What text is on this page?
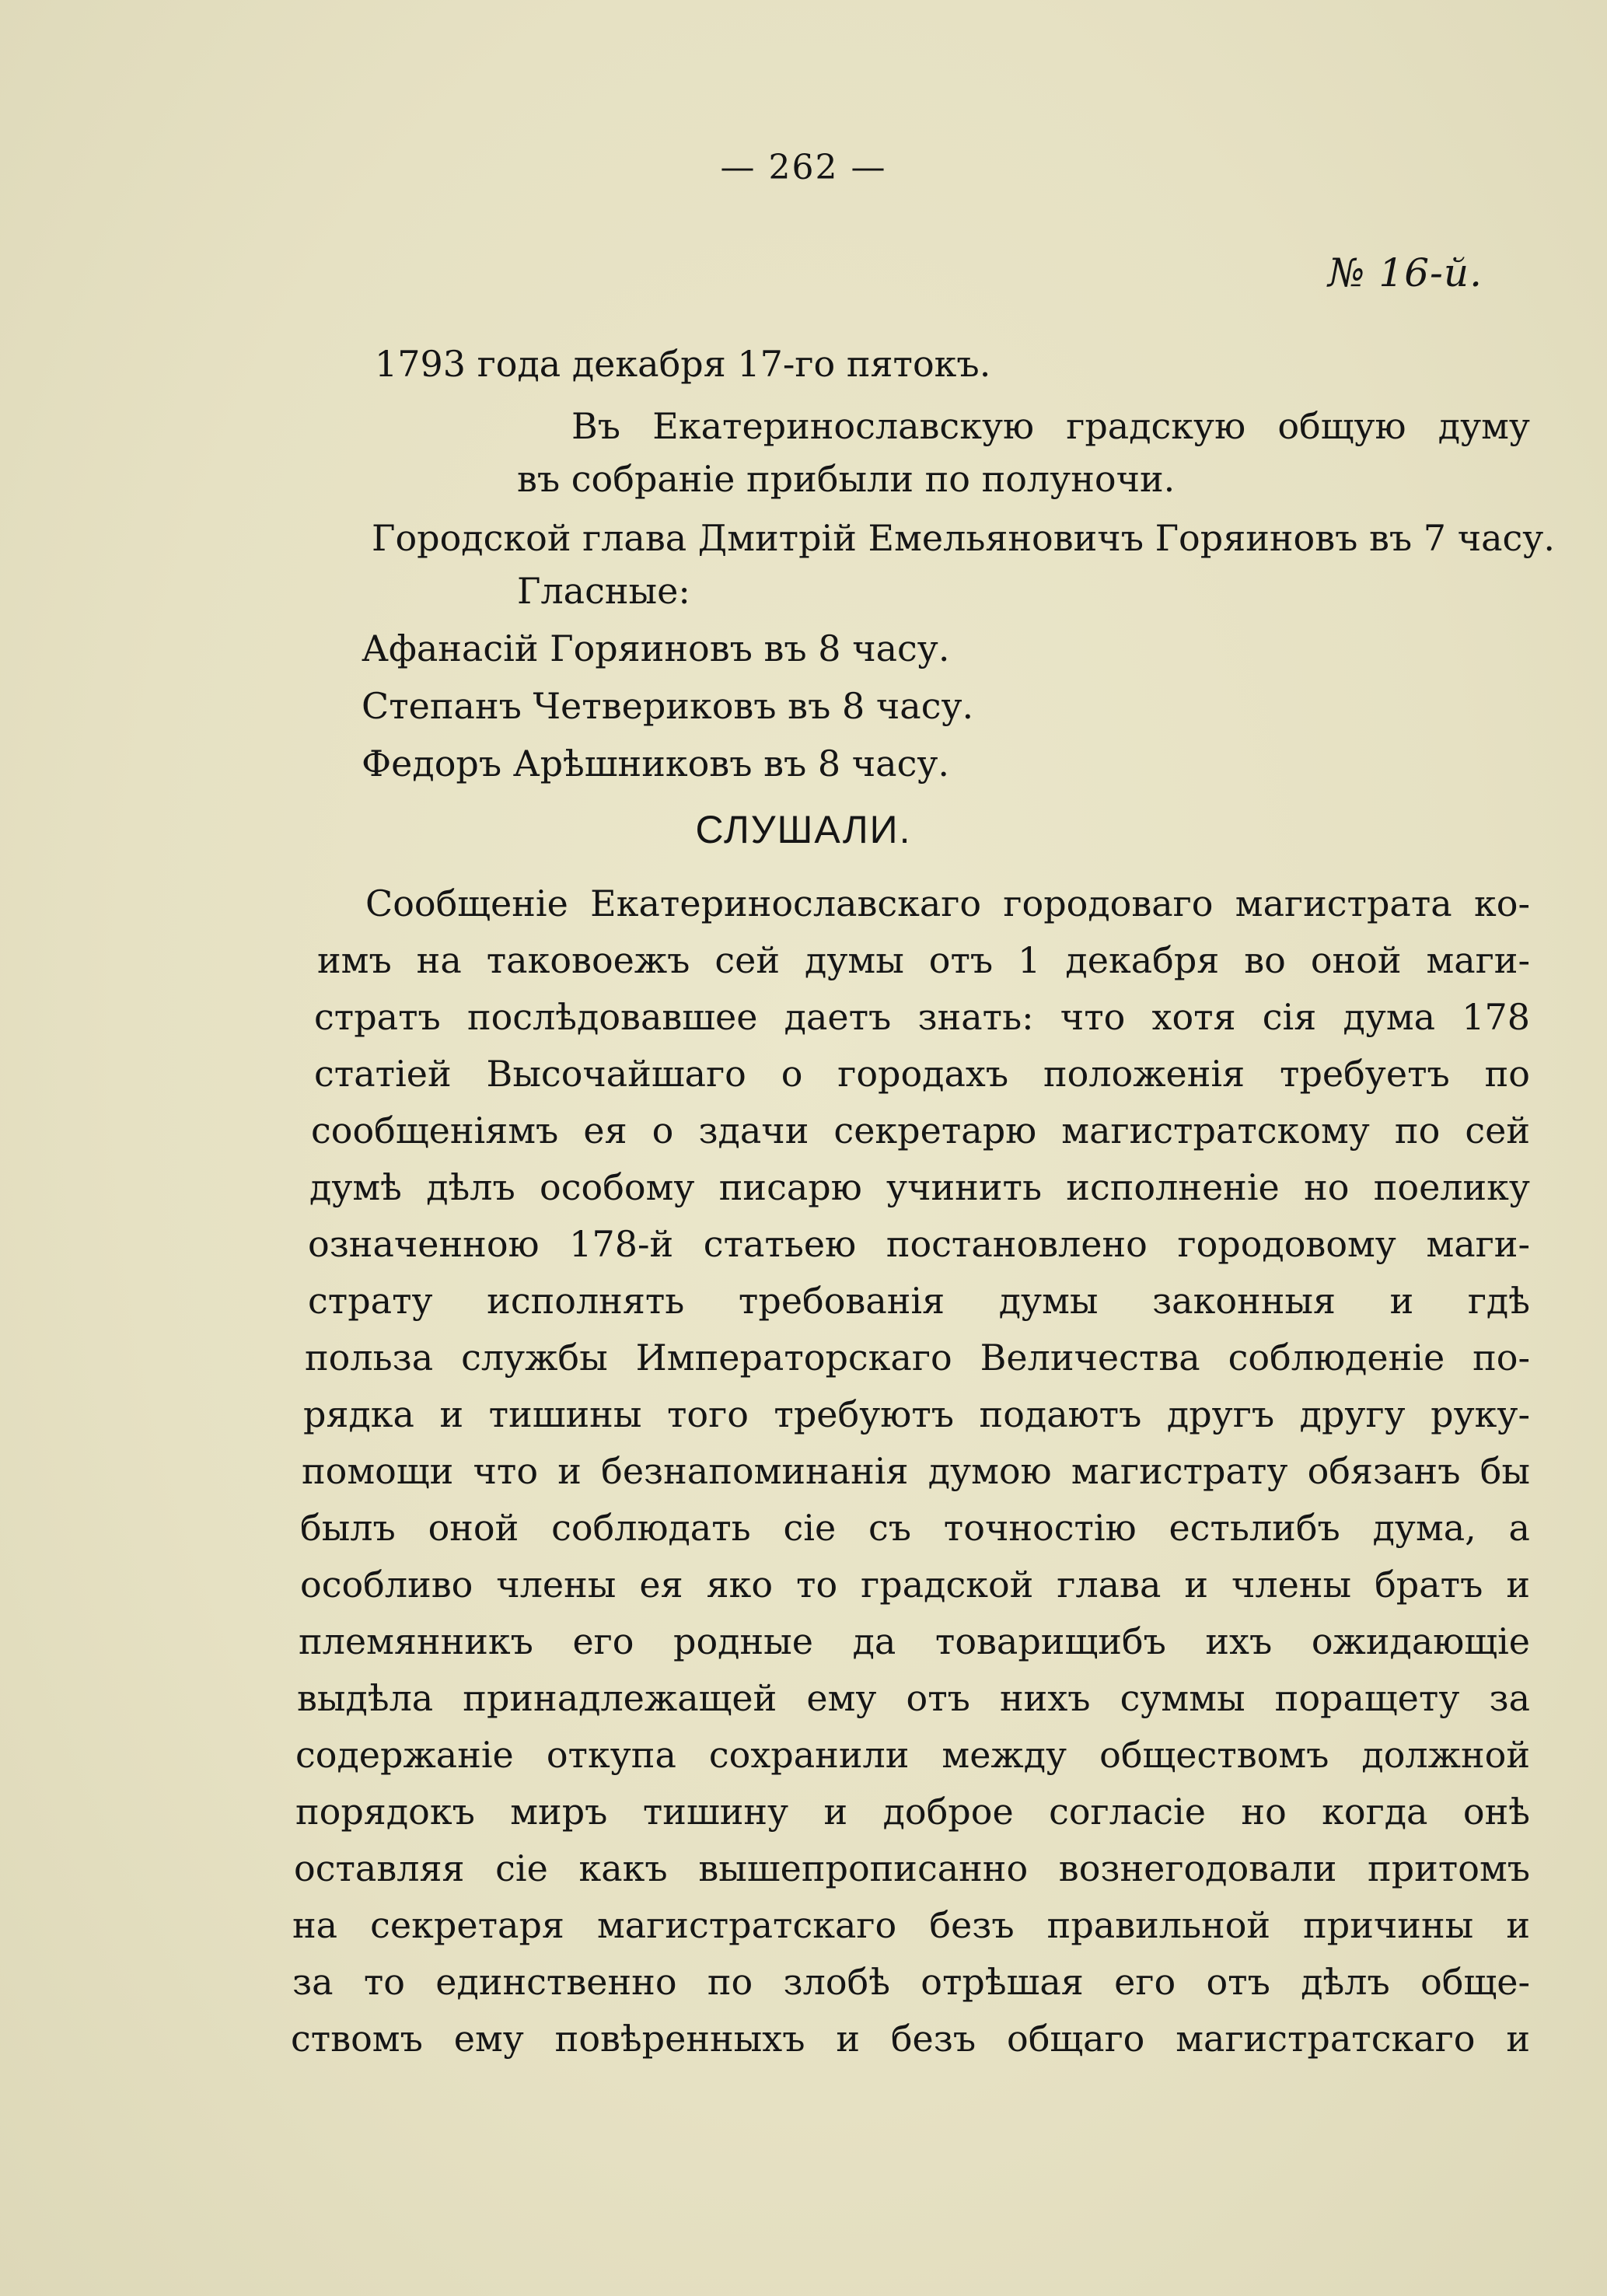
— 262 —
№ 16-й.
1793 года декабря 17-го пятокъ.
Въ Екатеринославскую градскую общую думу
въ собраніе прибыли по полуночи.
Городской глава Дмитрій Емельяновичъ Горяиновъ въ 7 часу.
Гласные:
Афанасій Горяиновъ въ 8 часу.
Степанъ Четвериковъ въ 8 часу.
Федоръ Арѣшниковъ въ 8 часу.
СЛУШАЛИ.
Сообщеніе Екатеринославскаго городоваго магистрата ко-
имъ на таковоежъ сей думы отъ 1 декабря во оной маги-
стратъ послѣдовавшее даетъ знать: что хотя сія дума 178
статіей Высочайшаго о городахъ положенія требуетъ по
сообщеніямъ ея о здачи секретарю магистратскому по сей
думѣ дѣлъ особому писарю учинить исполненіе но поелику
означенною 178-й статьею постановлено городовому маги-
страту исполнять требованія думы законныя и гдѣ
польза службы Императорскаго Величества соблюденіе по-
рядка и тишины того требуютъ подаютъ другъ другу руку-
помощи что и безнапоминанія думою магистрату обязанъ бы
былъ оной соблюдать сіе съ точностію естьлибъ дума, а
особливо члены ея яко то градской глава и члены братъ и
племянникъ его родные да товарищибъ ихъ ожидающіе
выдѣла принадлежащей ему отъ нихъ суммы поращету за
содержаніе откупа сохранили между обществомъ должной
порядокъ миръ тишину и доброе согласіе но когда онѣ
оставляя сіе какъ вышепрописанно вознегодовали притомъ
на секретаря магистратскаго безъ правильной причины и
за то единственно по злобѣ отрѣшая его отъ дѣлъ обще-
ствомъ ему повѣренныхъ и безъ общаго магистратскаго и
